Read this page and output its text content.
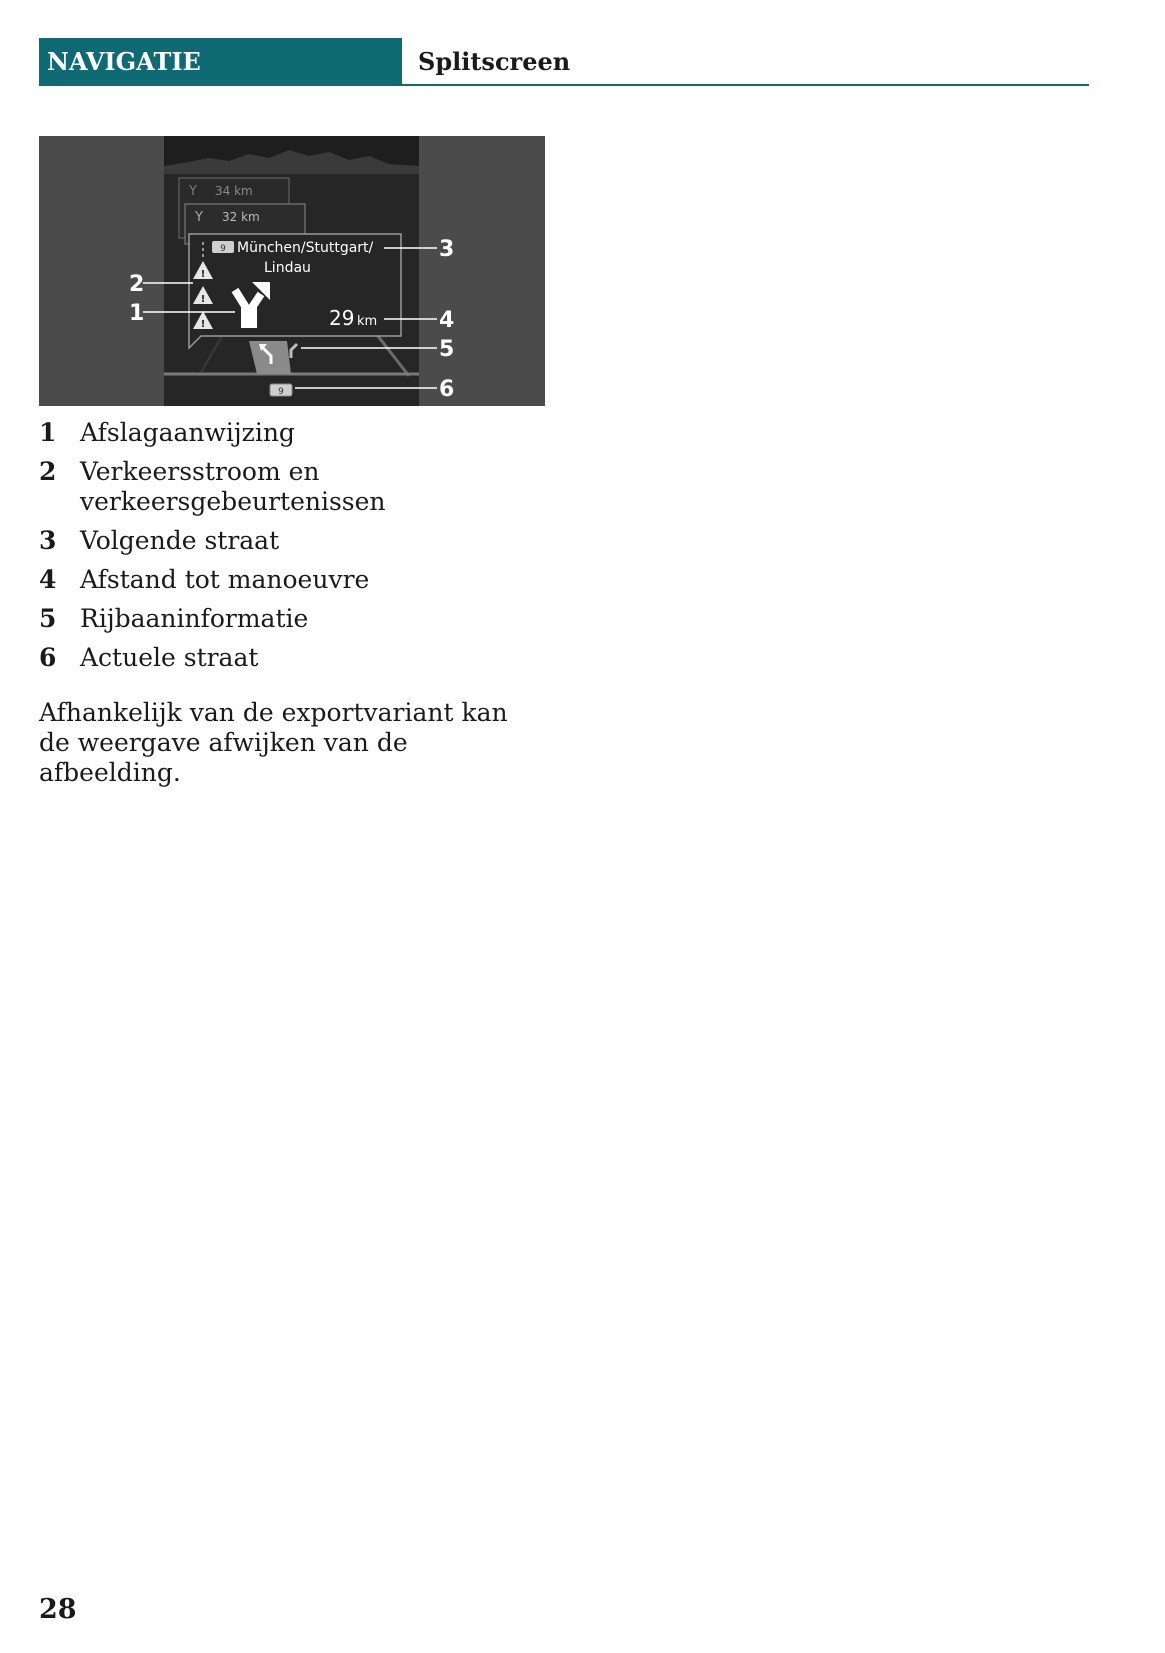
NAVIGATIE	Splitscreen
Y 34 km
Y 32 km
9 München/Stuttgart/
Lindau
!
!
!	29 km
9
2
1
3
4
5
6
1 Afslagaanwijzing
2 Verkeersstroom en verkeersgebeurtenissen
3 Volgende straat
4 Afstand tot manoeuvre
5 Rijbaaninformatie
6 Actuele straat

Afhankelijk van de exportvariant kan de weergave afwijken van de afbeelding.

28
